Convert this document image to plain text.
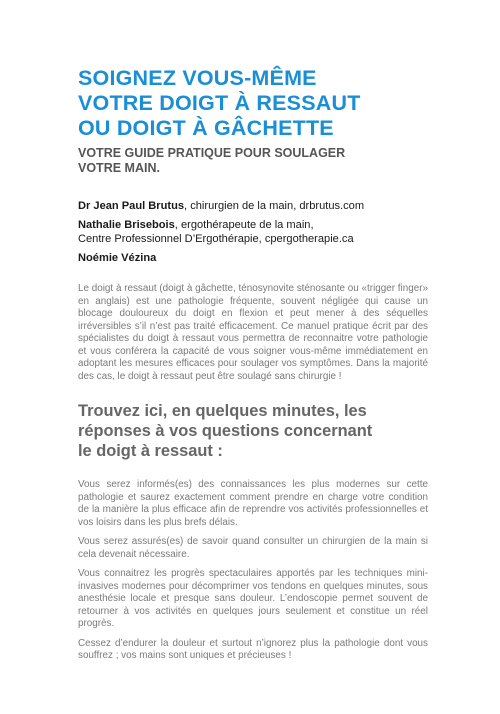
SOIGNEZ VOUS-MÊME
VOTRE DOIGT À RESSAUT
OU DOIGT À GÂCHETTE
VOTRE GUIDE PRATIQUE POUR SOULAGER
VOTRE MAIN.
Dr Jean Paul Brutus, chirurgien de la main, drbrutus.com
Nathalie Brisebois, ergothérapeute de la main,
Centre Professionnel D’Ergothérapie, cpergotherapie.ca
Noémie Vézina

Le doigt à ressaut (doigt à gâchette, ténosynovite sténosante ou «trigger finger» en anglais) est une pathologie fréquente, souvent négligée qui cause un blocage douloureux du doigt en flexion et peut mener à des séquelles irréversibles s’il n’est pas traité efficacement. Ce manuel pratique écrit par des spécialistes du doigt à ressaut vous permettra de reconnaitre votre pathologie et vous conférera la capacité de vous soigner vous-même immédiatement en adoptant les mesures efficaces pour soulager vos symptômes. Dans la majorité des cas, le doigt à ressaut peut être soulagé sans chirurgie !

Trouvez ici, en quelques minutes, les
réponses à vos questions concernant
le doigt à ressaut :

Vous serez informés(es) des connaissances les plus modernes sur cette pathologie et saurez exactement comment prendre en charge votre condition de la manière la plus efficace afin de reprendre vos activités professionnelles et vos loisirs dans les plus brefs délais.

Vous serez assurés(es) de savoir quand consulter un chirurgien de la main si cela devenait nécessaire.

Vous connaitrez les progrès spectaculaires apportés par les techniques mini-invasives modernes pour décomprimer vos tendons en quelques minutes, sous anesthésie locale et presque sans douleur. L’endoscopie permet souvent de retourner à vos activités en quelques jours seulement et constitue un réel progrès.

Cessez d’endurer la douleur et surtout n’ignorez plus la pathologie dont vous souffrez ; vos mains sont uniques et précieuses !
